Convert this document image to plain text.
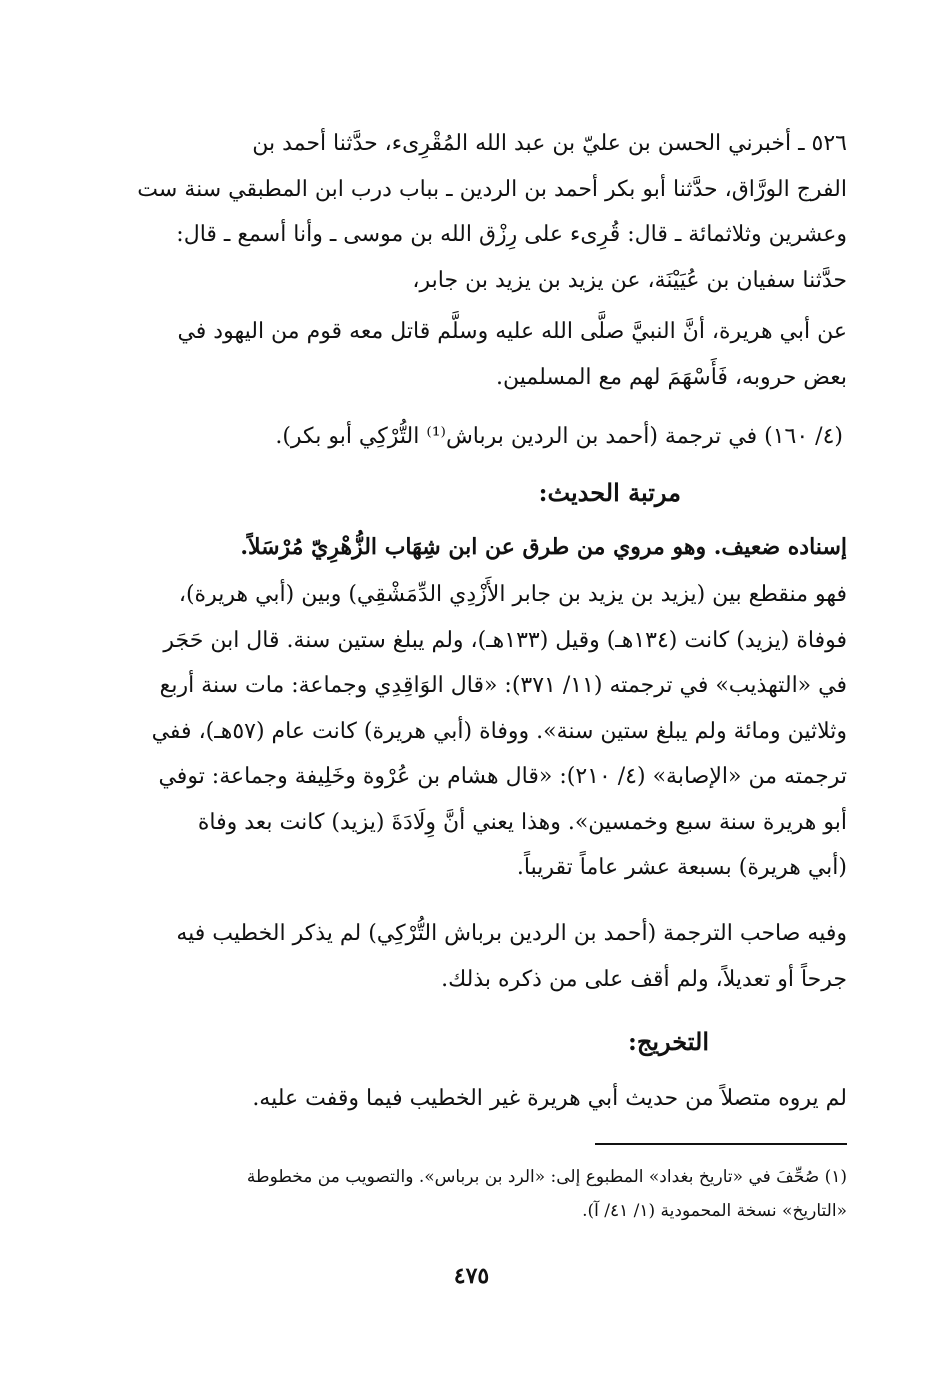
٥٢٦ ـ أخبرني الحسن بن عليّ بن عبد الله المُقْرِىء، حدَّثنا أحمد بن
الفرج الورَّاق، حدَّثنا أبو بكر أحمد بن الردين ـ بباب درب ابن المطبقي سنة ست
وعشرين وثلاثمائة ـ قال: قُرِىء على رِزْق الله بن موسى ـ وأنا أسمع ـ قال:
حدَّثنا سفيان بن عُيَيْنَة، عن يزيد بن يزيد بن جابر،
عن أبي هريرة، أنَّ النبيَّ صلَّى الله عليه وسلَّم قاتل معه قوم من اليهود في
بعض حروبه، فَأَسْهَمَ لهم مع المسلمين.
(٤/ ١٦٠) في ترجمة (أحمد بن الردين برباش⁽¹⁾ التُّرْكِي أبو بكر).
مرتبة الحديث:
إسناده ضعيف. وهو مروي من طرق عن ابن شِهَاب الزُّهْرِيّ مُرْسَلاً.
فهو منقطع بين (يزيد بن يزيد بن جابر الأَزْدِي الدِّمَشْقِي) وبين (أبي هريرة)،
فوفاة (يزيد) كانت (١٣٤هـ) وقيل (١٣٣هـ)، ولم يبلغ ستين سنة. قال ابن حَجَر
في «التهذيب» في ترجمته (١١/ ٣٧١): «قال الوَاقِدِي وجماعة: مات سنة أربع
وثلاثين ومائة ولم يبلغ ستين سنة». ووفاة (أبي هريرة) كانت عام (٥٧هـ)، ففي
ترجمته من «الإصابة» (٤/ ٢١٠): «قال هشام بن عُرْوة وخَلِيفة وجماعة: توفي
أبو هريرة سنة سبع وخمسين». وهذا يعني أنَّ وِلَادَةَ (يزيد) كانت بعد وفاة
(أبي هريرة) بسبعة عشر عاماً تقريباً.
وفيه صاحب الترجمة (أحمد بن الردين برباش التُّرْكِي) لم يذكر الخطيب فيه
جرحاً أو تعديلاً، ولم أقف على من ذكره بذلك.
التخريج:
لم يروه متصلاً من حديث أبي هريرة غير الخطيب فيما وقفت عليه.
(١) صُحِّفَ في «تاريخ بغداد» المطبوع إلى: «الرد بن برباس». والتصويب من مخطوطة
«التاريخ» نسخة المحمودية (١/ ٤١/ آ).
٤٧٥
